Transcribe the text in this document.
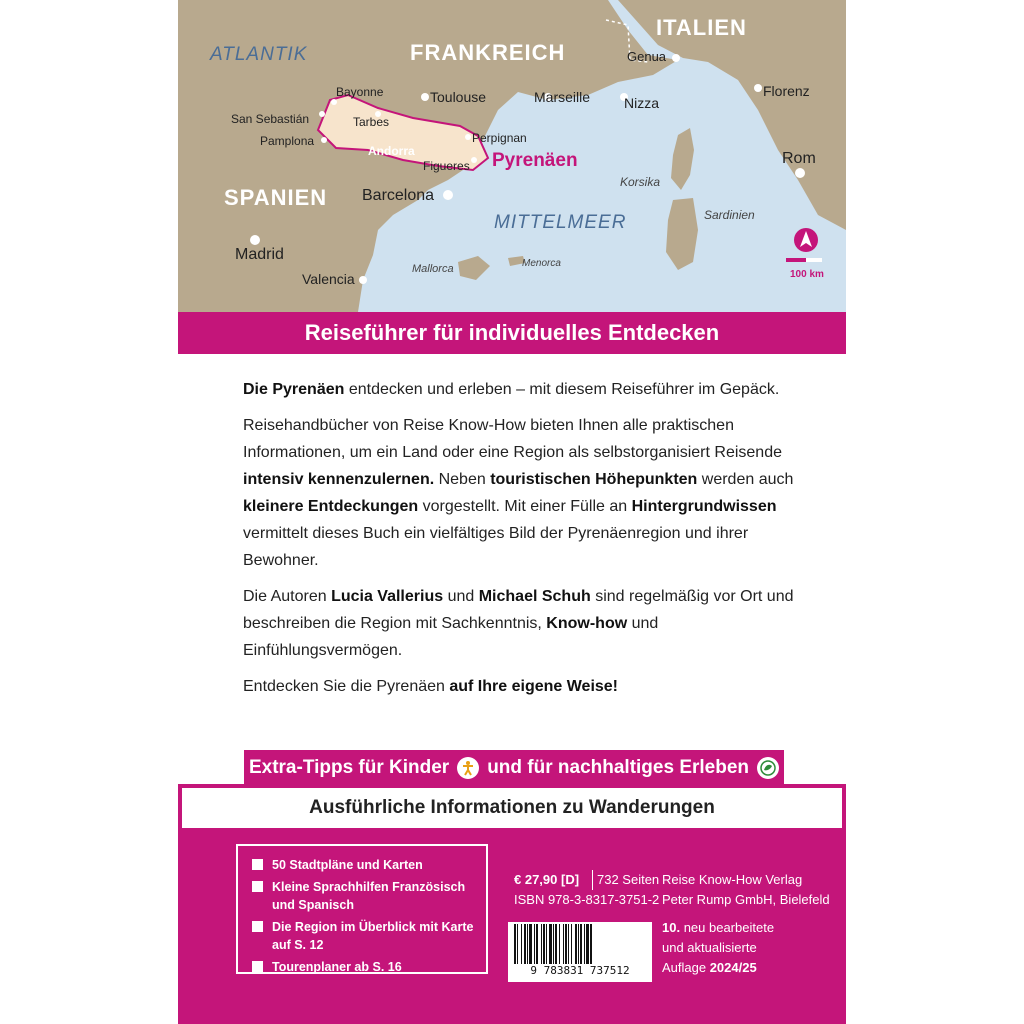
ATLANTIK
MITTELMEER
FRANKREICH
ITALIEN
SPANIEN
Bayonne	Toulouse	Marseille Nizza
Genua
Florenz
Rom
San Sebastián
Pamplona
Tarbes
Perpignan
Figueres
Barcelona
Madrid
Valencia
Andorra
Korsika
Sardinien
Mallorca	Menorca
Pyrenäen
100 km
Reiseführer für individuelles Entdecken

Die Pyrenäen entdecken und erleben – mit diesem Reiseführer im Gepäck.

Reisehandbücher von Reise Know-How bieten Ihnen alle praktischen Informationen, um ein Land oder eine Region als selbstorganisiert Reisende intensiv kennenzulernen. Neben touristischen Höhepunkten werden auch kleinere Entdeckungen vorgestellt. Mit einer Fülle an Hintergrundwissen vermittelt dieses Buch ein vielfältiges Bild der Pyrenäenregion und ihrer Bewohner.

Die Autoren Lucia Vallerius und Michael Schuh sind regelmäßig vor Ort und beschreiben die Region mit Sachkenntnis, Know-how und Einfühlungsvermögen.

Entdecken Sie die Pyrenäen auf Ihre eigene Weise!

Extra-Tipps für Kinder und für nachhaltiges Erleben
Ausführliche Informationen zu Wanderungen
50 Stadtpläne und Karten
Kleine Sprachhilfen Französisch und Spanisch
Die Region im Überblick mit Karte auf S. 12
Tourenplaner ab S. 16
€ 27,90 [D]	732 Seiten
ISBN 978-3-8317-3751-2
9 783831 737512
Reise Know-How Verlag
Peter Rump GmbH, Bielefeld
10. neu bearbeitete
und aktualisierte
Auflage 2024/25
